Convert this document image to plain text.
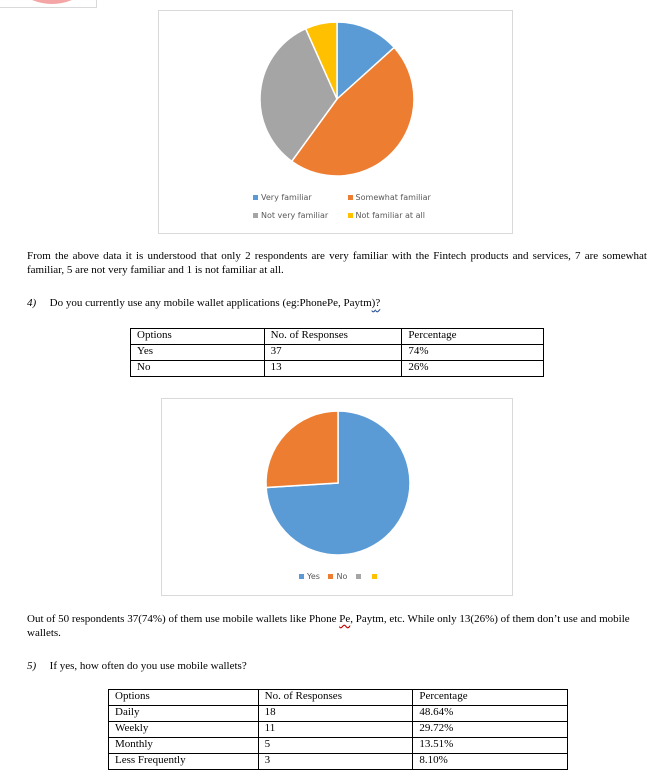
Very familiar	Somewhat familiar
Not very familiar	Not familiar at all
From the above data it is understood that only 2 respondents are very familiar with the Fintech products and services, 7 are somewhat familiar, 5 are not very familiar and 1 is not familiar at all.
4) Do you currently use any mobile wallet applications (eg:PhonePe, Paytm)?
Options	No. of Responses	Percentage
Yes	37	74%
No	13	26%
Yes No
Out of 50 respondents 37(74%) of them use mobile wallets like Phone Pe, Paytm, etc. While only 13(26%) of them don’t use and mobile wallets.
5) If yes, how often do you use mobile wallets?
Options	No. of Responses	Percentage
Daily	18	48.64%
Weekly	11	29.72%
Monthly	5	13.51%
Less Frequently	3	8.10%
